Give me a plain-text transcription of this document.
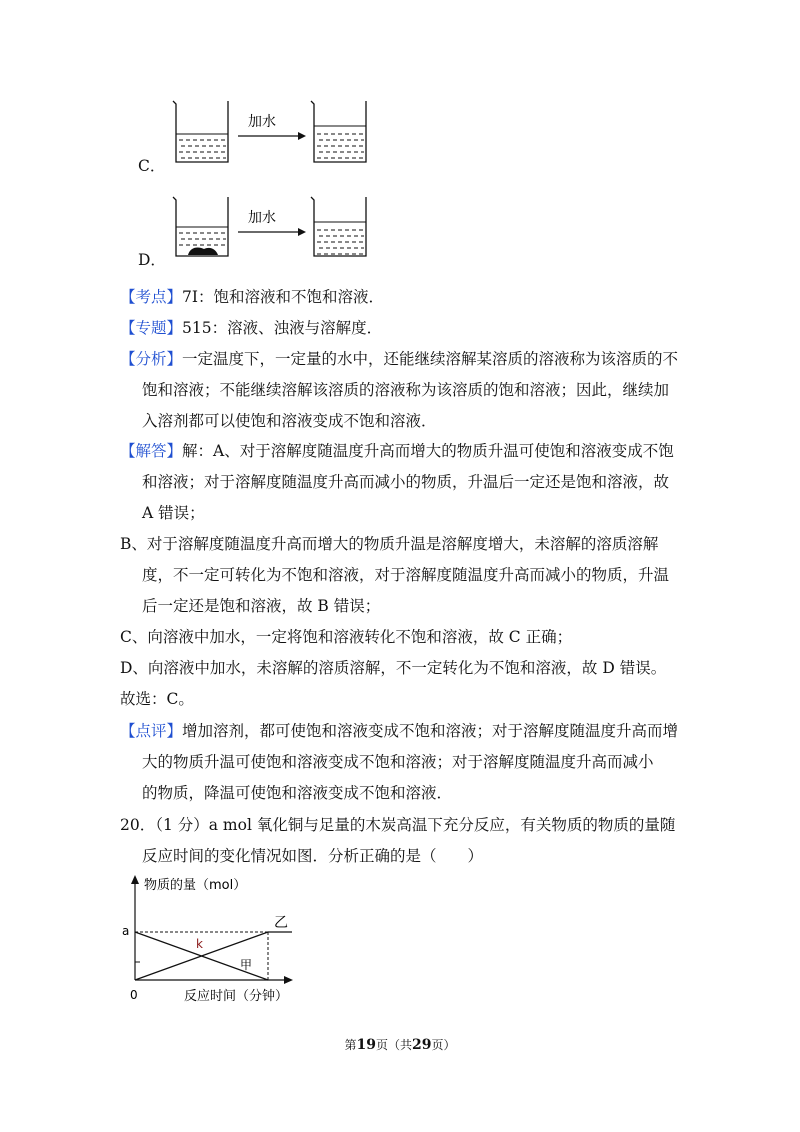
C．
加水
D．
加水
【考点】7I：饱和溶液和不饱和溶液．
【专题】515：溶液、浊液与溶解度．
【分析】一定温度下，一定量的水中，还能继续溶解某溶质的溶液称为该溶质的不
饱和溶液；不能继续溶解该溶质的溶液称为该溶质的饱和溶液；因此，继续加
入溶剂都可以使饱和溶液变成不饱和溶液．
【解答】解：A、对于溶解度随温度升高而增大的物质升温可使饱和溶液变成不饱
和溶液；对于溶解度随温度升高而减小的物质，升温后一定还是饱和溶液，故
A 错误；
B、对于溶解度随温度升高而增大的物质升温是溶解度增大，未溶解的溶质溶解
度，不一定可转化为不饱和溶液，对于溶解度随温度升高而减小的物质，升温
后一定还是饱和溶液，故 B 错误；
C、向溶液中加水，一定将饱和溶液转化不饱和溶液，故 C 正确；
D、向溶液中加水，未溶解的溶质溶解，不一定转化为不饱和溶液，故 D 错误。
故选：C。
【点评】增加溶剂，都可使饱和溶液变成不饱和溶液；对于溶解度随温度升高而增
大的物质升温可使饱和溶液变成不饱和溶液；对于溶解度随温度升高而减小
的物质，降温可使饱和溶液变成不饱和溶液．
20．（1 分）a mol 氧化铜与足量的木炭高温下充分反应，有关物质的物质的量随
反应时间的变化情况如图．分析正确的是（　　）
物质的量（mol）
反应时间（分钟）
0
a
k
乙
甲
第19页（共29页）
